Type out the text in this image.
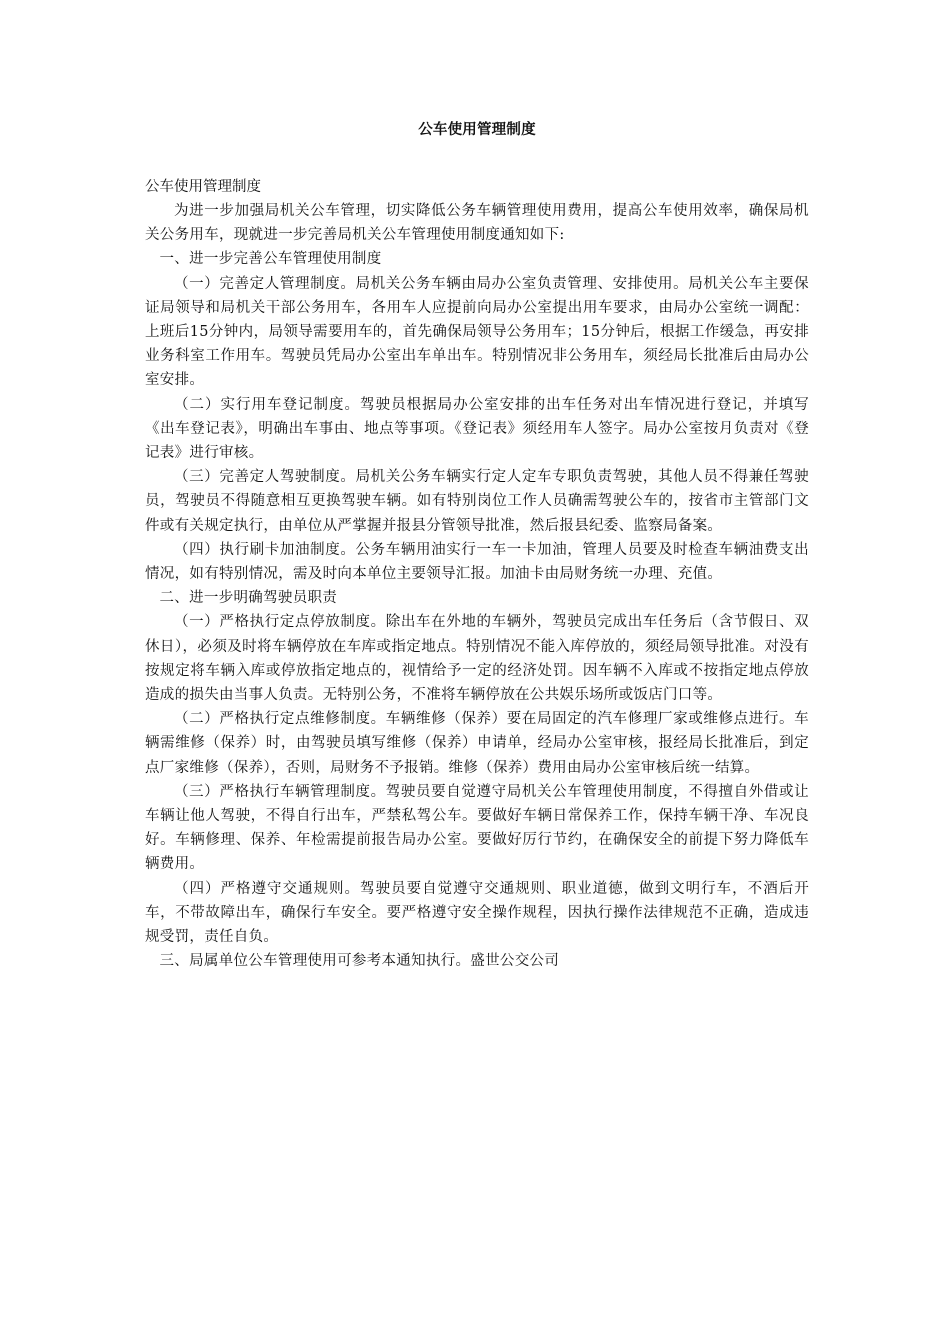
公车使用管理制度

公车使用管理制度

为进一步加强局机关公车管理，切实降低公务车辆管理使用费用，提高公车使用效率，确保局机关公务用车，现就进一步完善局机关公车管理使用制度通知如下:

一、进一步完善公车管理使用制度

（一）完善定人管理制度。局机关公务车辆由局办公室负责管理、安排使用。局机关公车主要保证局领导和局机关干部公务用车，各用车人应提前向局办公室提出用车要求，由局办公室统一调配：上班后15分钟内，局领导需要用车的，首先确保局领导公务用车；15分钟后，根据工作缓急，再安排业务科室工作用车。驾驶员凭局办公室出车单出车。特别情况非公务用车，须经局长批准后由局办公室安排。

（二）实行用车登记制度。驾驶员根据局办公室安排的出车任务对出车情况进行登记，并填写《出车登记表》，明确出车事由、地点等事项。《登记表》须经用车人签字。局办公室按月负责对《登记表》进行审核。

（三）完善定人驾驶制度。局机关公务车辆实行定人定车专职负责驾驶，其他人员不得兼任驾驶员，驾驶员不得随意相互更换驾驶车辆。如有特别岗位工作人员确需驾驶公车的，按省市主管部门文件或有关规定执行，由单位从严掌握并报县分管领导批准，然后报县纪委、监察局备案。

（四）执行刷卡加油制度。公务车辆用油实行一车一卡加油，管理人员要及时检查车辆油费支出情况，如有特别情况，需及时向本单位主要领导汇报。加油卡由局财务统一办理、充值。

二、进一步明确驾驶员职责

（一）严格执行定点停放制度。除出车在外地的车辆外，驾驶员完成出车任务后（含节假日、双休日），必须及时将车辆停放在车库或指定地点。特别情况不能入库停放的，须经局领导批准。对没有按规定将车辆入库或停放指定地点的，视情给予一定的经济处罚。因车辆不入库或不按指定地点停放造成的损失由当事人负责。无特别公务，不准将车辆停放在公共娱乐场所或饭店门口等。

（二）严格执行定点维修制度。车辆维修（保养）要在局固定的汽车修理厂家或维修点进行。车辆需维修（保养）时，由驾驶员填写维修（保养）申请单，经局办公室审核，报经局长批准后，到定点厂家维修（保养），否则，局财务不予报销。维修（保养）费用由局办公室审核后统一结算。

（三）严格执行车辆管理制度。驾驶员要自觉遵守局机关公车管理使用制度，不得擅自外借或让车辆让他人驾驶，不得自行出车，严禁私驾公车。要做好车辆日常保养工作，保持车辆干净、车况良好。车辆修理、保养、年检需提前报告局办公室。要做好厉行节约，在确保安全的前提下努力降低车辆费用。

（四）严格遵守交通规则。驾驶员要自觉遵守交通规则、职业道德，做到文明行车，不酒后开车，不带故障出车，确保行车安全。要严格遵守安全操作规程，因执行操作法律规范不正确，造成违规受罚，责任自负。

三、局属单位公车管理使用可参考本通知执行。盛世公交公司
